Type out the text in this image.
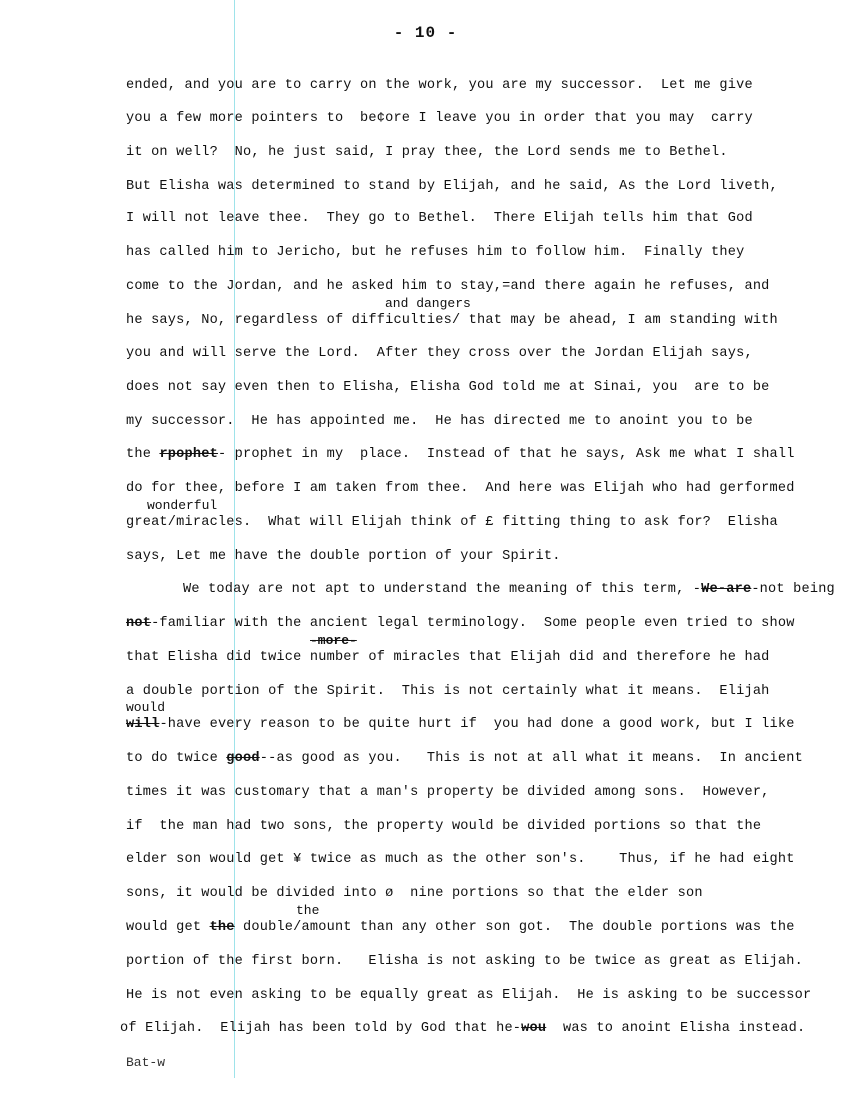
- 10 -
ended, and you are to carry on the work, you are my successor.  Let me give
you a few more pointers to  be¢ore I leave you in order that you may  carry
it on well?  No, he just said, I pray thee, the Lord sends me to Bethel.
But Elisha was determined to stand by Elijah, and he said, As the Lord liveth,
I will not leave thee.  They go to Bethel.  There Elijah tells him that God
has called him to Jericho, but he refuses him to follow him.  Finally they
come to the Jordan, and he asked him to stay,=and there again he refuses, and
and dangers
he says, No, regardless of difficulties/ that may be ahead, I am standing with
you and will serve the Lord.  After they cross over the Jordan Elijah says,
does not say even then to Elisha, Elisha God told me at Sinai, you  are to be
my successor.  He has appointed me.  He has directed me to anoint you to be
the rpophet- prophet in my  place.  Instead of that he says, Ask me what I shall
do for thee, before I am taken from thee.  And here was Elijah who had gerformed
wonderful
great/miracles.  What will Elijah think of £ fitting thing to ask for?  Elisha
says, Let me have the double portion of your Spirit.
We today are not apt to understand the meaning of this term, -We-are-not being
not-familiar with the ancient legal terminology.  Some people even tried to show
-more-
that Elisha did twice number of miracles that Elijah did and therefore he had
a double portion of the Spirit.  This is not certainly what it means.  Elijah
would
will-have every reason to be quite hurt if  you had done a good work, but I like
to do twice good--as good as you.   This is not at all what it means.  In ancient
times it was customary that a man's property be divided among sons.  However,
if  the man had two sons, the property would be divided portions so that the
elder son would get ¥ twice as much as the other son's.    Thus, if he had eight
sons, it would be divided into ø  nine portions so that the elder son
the
would get the double/amount than any other son got.  The double portions was the
portion of the first born.   Elisha is not asking to be twice as great as Elijah.
He is not even asking to be equally great as Elijah.  He is asking to be successor
of Elijah.  Elijah has been told by God that he-wou  was to anoint Elisha instead.
Bat-w
